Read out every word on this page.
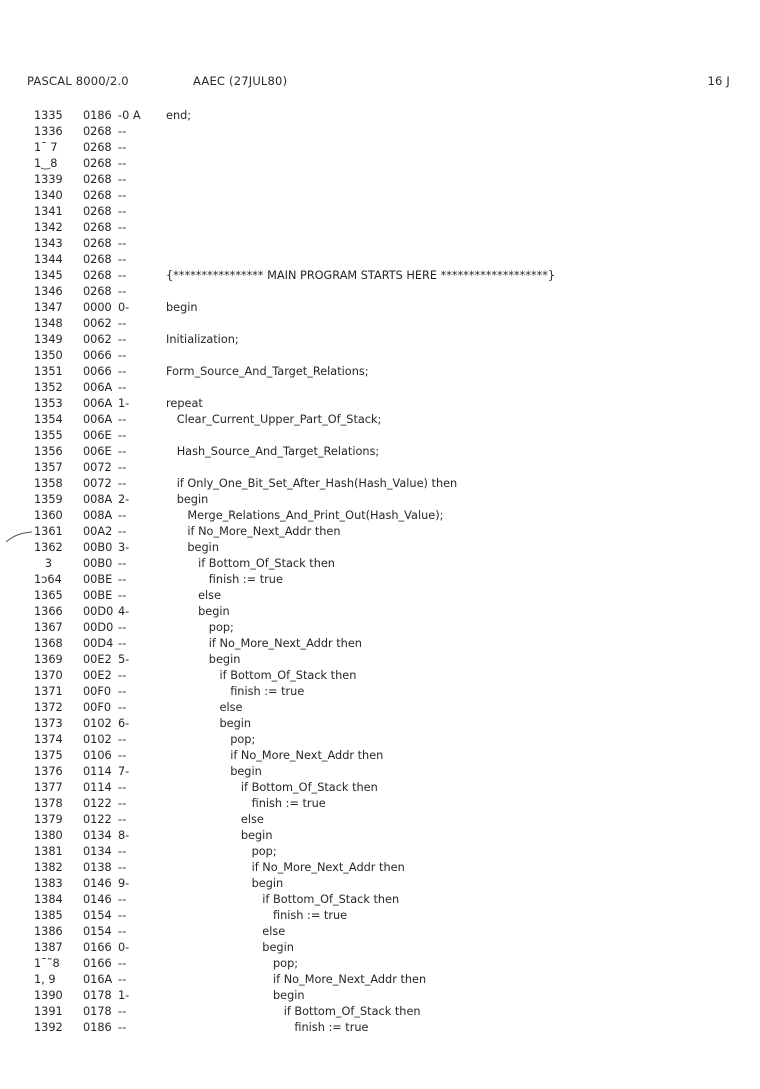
PASCAL 8000/2.0	AAEC (27JUL80)	16 J
1335 0186 -0 A end;
1336 0268 --
1ˉ 7 0268 --
1‿8 0268 --
1339 0268 --
1340 0268 --
1341 0268 --
1342 0268 --
1343 0268 --
1344 0268 --
1345 0268 --	{**************** MAIN PROGRAM STARTS HERE *******************}
1346 0268 --
1347 0000 0-	begin
1348 0062 --
1349 0062 --	Initialization;
1350 0066 --
1351 0066 --	Form_Source_And_Target_Relations;
1352 006A --
1353 006A 1-	repeat
1354 006A --	Clear_Current_Upper_Part_Of_Stack;
1355 006E --
1356 006E --	Hash_Source_And_Target_Relations;
1357 0072 --
1358 0072 --	if Only_One_Bit_Set_After_Hash(Hash_Value) then
1359 008A 2-	begin
1360 008A --	Merge_Relations_And_Print_Out(Hash_Value);
1361 00A2 --	if No_More_Next_Addr then
1362 00B0 3-	begin
3	00B0 --	if Bottom_Of_Stack then
1ↄ64 00BE --	finish := true
1365 00BE --	else
1366 00D0 4-	begin
1367 00D0 --	pop;
1368 00D4 --	if No_More_Next_Addr then
1369 00E2 5-	begin
1370 00E2 --	if Bottom_Of_Stack then
1371 00F0 --	finish := true
1372 00F0 --	else
1373 0102 6-	begin
1374 0102 --	pop;
1375 0106 --	if No_More_Next_Addr then
1376 0114 7-	begin
1377 0114 --	if Bottom_Of_Stack then
1378 0122 --	finish := true
1379 0122 --	else
1380 0134 8-	begin
1381 0134 --	pop;
1382 0138 --	if No_More_Next_Addr then
1383 0146 9-	begin
1384 0146 --	if Bottom_Of_Stack then
1385 0154 --	finish := true
1386 0154 --	else
1387 0166 0-	begin
1ˉ˜8 0166 --	pop;
1‚ 9 016A --	if No_More_Next_Addr then
1390 0178 1-	begin
1391 0178 --	if Bottom_Of_Stack then
1392 0186 --	finish := true
